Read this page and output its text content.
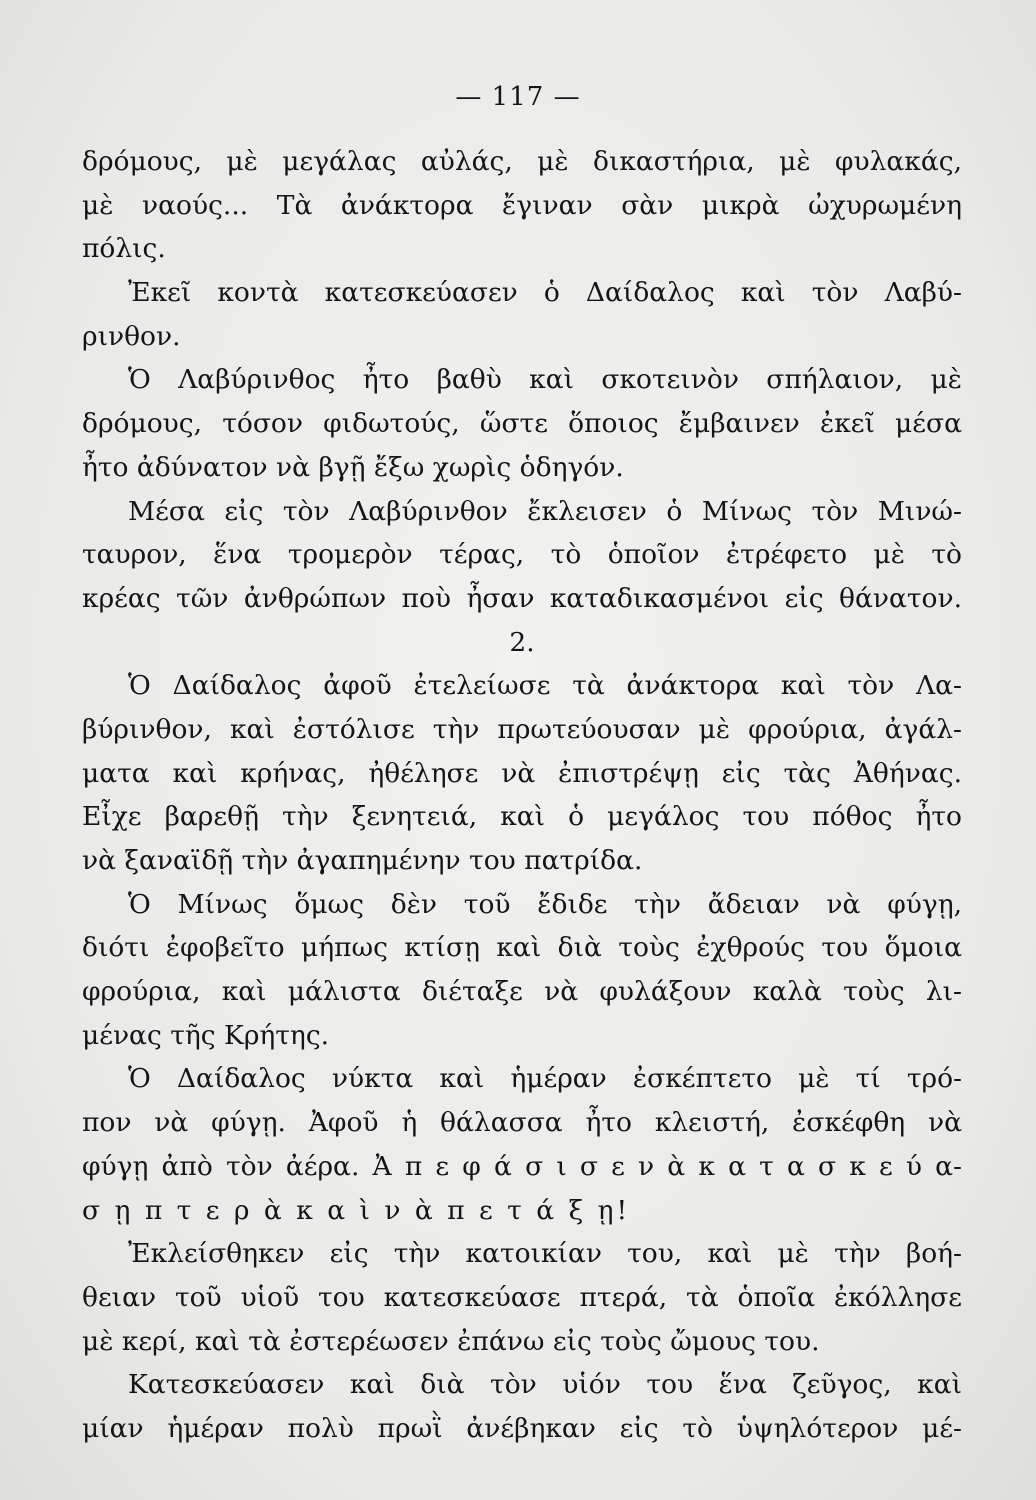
— 117 —
δρόμους, μὲ μεγάλας αὐλάς, μὲ δικαστήρια, μὲ φυλακάς,
μὲ ναούς... Τὰ ἀνάκτορα ἔγιναν σὰν μικρὰ ὠχυρωμένη
πόλις.
Ἐκεῖ κοντὰ κατεσκεύασεν ὁ Δαίδαλος καὶ τὸν Λαβύ-
ρινθον.
Ὁ Λαβύρινθος ἦτο βαθὺ καὶ σκοτεινὸν σπήλαιον, μὲ
δρόμους, τόσον φιδωτούς, ὥστε ὅποιος ἔμβαινεν ἐκεῖ μέσα
ἦτο ἀδύνατον νὰ βγῇ ἔξω χωρὶς ὁδηγόν.
Μέσα εἰς τὸν Λαβύρινθον ἔκλεισεν ὁ Μίνως τὸν Μινώ-
ταυρον, ἕνα τρομερὸν τέρας, τὸ ὁποῖον ἐτρέφετο μὲ τὸ
κρέας τῶν ἀνθρώπων ποὺ ἦσαν καταδικασμένοι εἰς θάνατον.
2.
Ὁ Δαίδαλος ἀφοῦ ἐτελείωσε τὰ ἀνάκτορα καὶ τὸν Λα-
βύρινθον, καὶ ἐστόλισε τὴν πρωτεύουσαν μὲ φρούρια, ἀγάλ-
ματα καὶ κρήνας, ἠθέλησε νὰ ἐπιστρέψῃ εἰς τὰς Ἀθήνας.
Εἶχε βαρεθῇ τὴν ξενητειά, καὶ ὁ μεγάλος του πόθος ἦτο
νὰ ξαναϊδῇ τὴν ἀγαπημένην του πατρίδα.
Ὁ Μίνως ὅμως δὲν τοῦ ἔδιδε τὴν ἄδειαν νὰ φύγῃ,
διότι ἐφοβεῖτο μήπως κτίσῃ καὶ διὰ τοὺς ἐχθρούς του ὅμοια
φρούρια, καὶ μάλιστα διέταξε νὰ φυλάξουν καλὰ τοὺς λι-
μένας τῆς Κρήτης.
Ὁ Δαίδαλος νύκτα καὶ ἡμέραν ἐσκέπτετο μὲ τί τρό-
πον νὰ φύγῃ. Ἀφοῦ ἡ θάλασσα ἦτο κλειστή, ἐσκέφθη νὰ
φύγῃ ἀπὸ τὸν ἀέρα. Ἀ π ε φ ά σ ι σ ε ν ὰ κ α τ α σ κ ε ύ α-
σ ῃ π τ ε ρ ὰ κ α ὶ ν ὰ π ε τ ά ξ ῃ!
Ἐκλείσθηκεν εἰς τὴν κατοικίαν του, καὶ μὲ τὴν βοή-
θειαν τοῦ υἱοῦ του κατεσκεύασε πτερά, τὰ ὁποῖα ἐκόλλησε
μὲ κερί, καὶ τὰ ἐστερέωσεν ἐπάνω εἰς τοὺς ὤμους του.
Κατεσκεύασεν καὶ διὰ τὸν υἱόν του ἕνα ζεῦγος, καὶ
μίαν ἡμέραν πολὺ πρωῒ ἀνέβηκαν εἰς τὸ ὑψηλότερον μέ-
